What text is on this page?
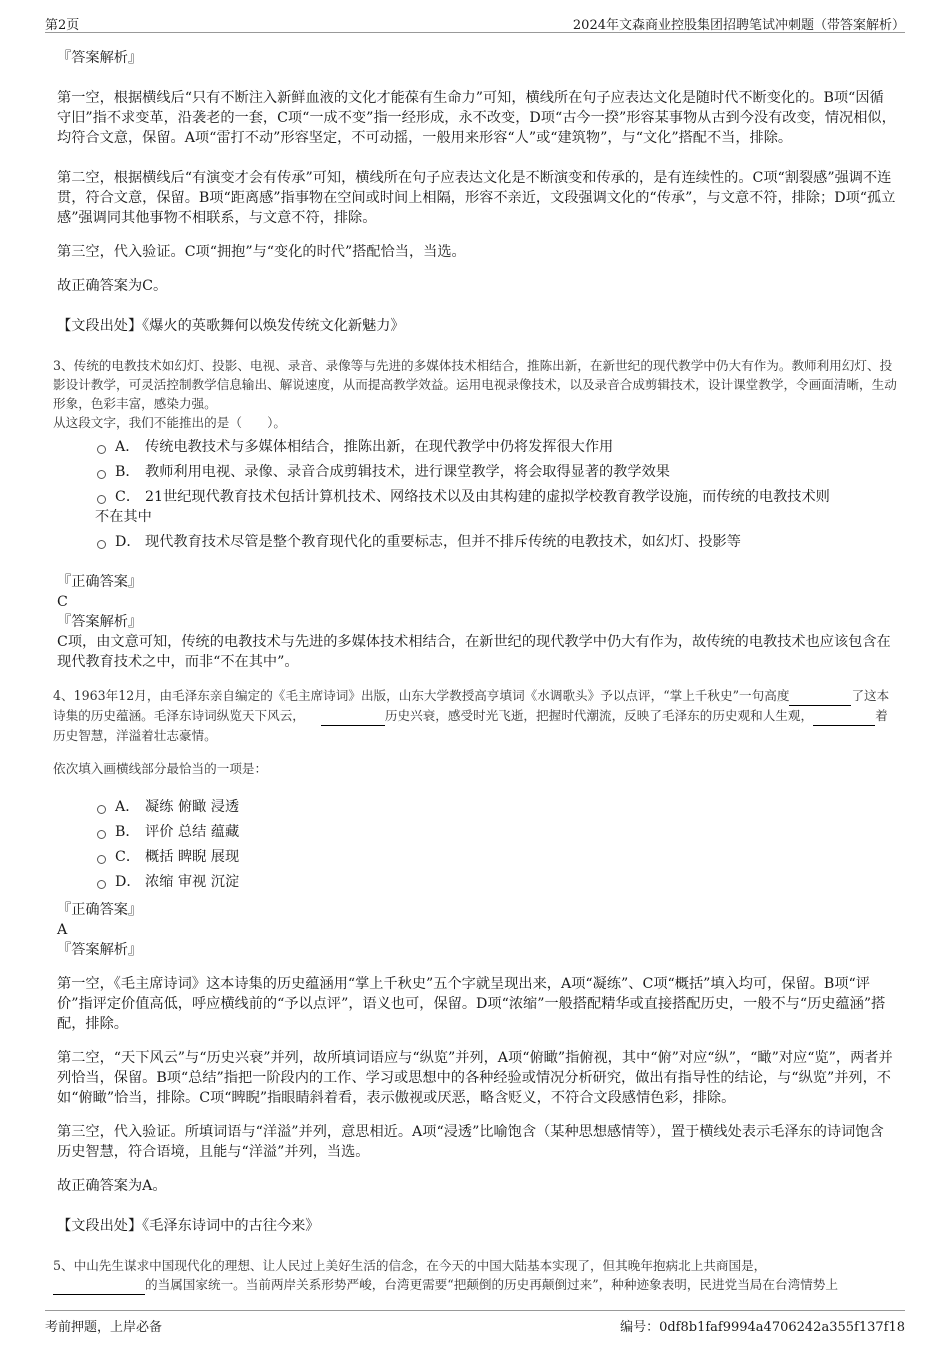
第2页	2024年文森商业控股集团招聘笔试冲刺题（带答案解析）

『答案解析』

第一空，根据横线后“只有不断注入新鲜血液的文化才能葆有生命力”可知，横线所在句子应表达文化是随时代不断变化的。B项“因循守旧”指不求变革，沿袭老的一套，C项“一成不变”指一经形成，永不改变，D项“古今一揆”形容某事物从古到今没有改变，情况相似，均符合文意，保留。A项“雷打不动”形容坚定，不可动摇，一般用来形容“人”或“建筑物”，与“文化”搭配不当，排除。

第二空，根据横线后“有演变才会有传承”可知，横线所在句子应表达文化是不断演变和传承的，是有连续性的。C项“割裂感”强调不连贯，符合文意，保留。B项“距离感”指事物在空间或时间上相隔，形容不亲近，文段强调文化的“传承”，与文意不符，排除；D项“孤立感”强调同其他事物不相联系，与文意不符，排除。

第三空，代入验证。C项“拥抱”与“变化的时代”搭配恰当，当选。

故正确答案为C。

【文段出处】《爆火的英歌舞何以焕发传统文化新魅力》

3、传统的电教技术如幻灯、投影、电视、录音、录像等与先进的多媒体技术相结合，推陈出新，在新世纪的现代教学中仍大有作为。教师利用幻灯、投影设计教学，可灵活控制教学信息输出、解说速度，从而提高教学效益。运用电视录像技术，以及录音合成剪辑技术，设计课堂教学，令画面清晰，生动形象，色彩丰富，感染力强。

从这段文字，我们不能推出的是（　　）。

A． 传统电教技术与多媒体相结合，推陈出新，在现代教学中仍将发挥很大作用
B． 教师利用电视、录像、录音合成剪辑技术，进行课堂教学，将会取得显著的教学效果
C． 21世纪现代教育技术包括计算机技术、网络技术以及由其构建的虚拟学校教育教学设施，而传统的电教技术则
不在其中
D． 现代教育技术尽管是整个教育现代化的重要标志，但并不排斥传统的电教技术，如幻灯、投影等

『正确答案』

C

『答案解析』

C项，由文意可知，传统的电教技术与先进的多媒体技术相结合，在新世纪的现代教学中仍大有作为，故传统的电教技术也应该包含在现代教育技术之中，而非“不在其中”。

4、1963年12月，由毛泽东亲自编定的《毛主席诗词》出版，山东大学教授高亨填词《水调歌头》予以点评，“掌上千秋史”一句高度	了这本诗集的历史蕴涵。毛泽东诗词纵览天下风云，	历史兴衰，感受时光飞逝，把握时代潮流，反映了毛泽东的历史观和人生观，	着历史智慧，洋溢着壮志豪情。

依次填入画横线部分最恰当的一项是：

A． 凝练 俯瞰 浸透
B． 评价 总结 蕴藏
C． 概括 睥睨 展现
D． 浓缩 审视 沉淀

『正确答案』

A

『答案解析』

第一空，《毛主席诗词》这本诗集的历史蕴涵用“掌上千秋史”五个字就呈现出来，A项“凝练”、C项“概括”填入均可，保留。B项“评价”指评定价值高低，呼应横线前的“予以点评”，语义也可，保留。D项“浓缩”一般搭配精华或直接搭配历史，一般不与“历史蕴涵”搭配，排除。

第二空，“天下风云”与“历史兴衰”并列，故所填词语应与“纵览”并列，A项“俯瞰”指俯视，其中“俯”对应“纵”，“瞰”对应“览”，两者并列恰当，保留。B项“总结”指把一阶段内的工作、学习或思想中的各种经验或情况分析研究，做出有指导性的结论，与“纵览”并列，不如“俯瞰”恰当，排除。C项“睥睨”指眼睛斜着看，表示傲视或厌恶，略含贬义，不符合文段感情色彩，排除。

第三空，代入验证。所填词语与“洋溢”并列，意思相近。A项“浸透”比喻饱含（某种思想感情等），置于横线处表示毛泽东的诗词饱含历史智慧，符合语境，且能与“洋溢”并列，当选。

故正确答案为A。

【文段出处】《毛泽东诗词中的古往今来》

5、中山先生谋求中国现代化的理想、让人民过上美好生活的信念，在今天的中国大陆基本实现了，但其晚年抱病北上共商国是，
的当属国家统一。当前两岸关系形势严峻，台湾更需要“把颠倒的历史再颠倒过来”，种种迹象表明，民进党当局在台湾情势上

考前押题，上岸必备	编号：0df8b1faf9994a4706242a355f137f18
